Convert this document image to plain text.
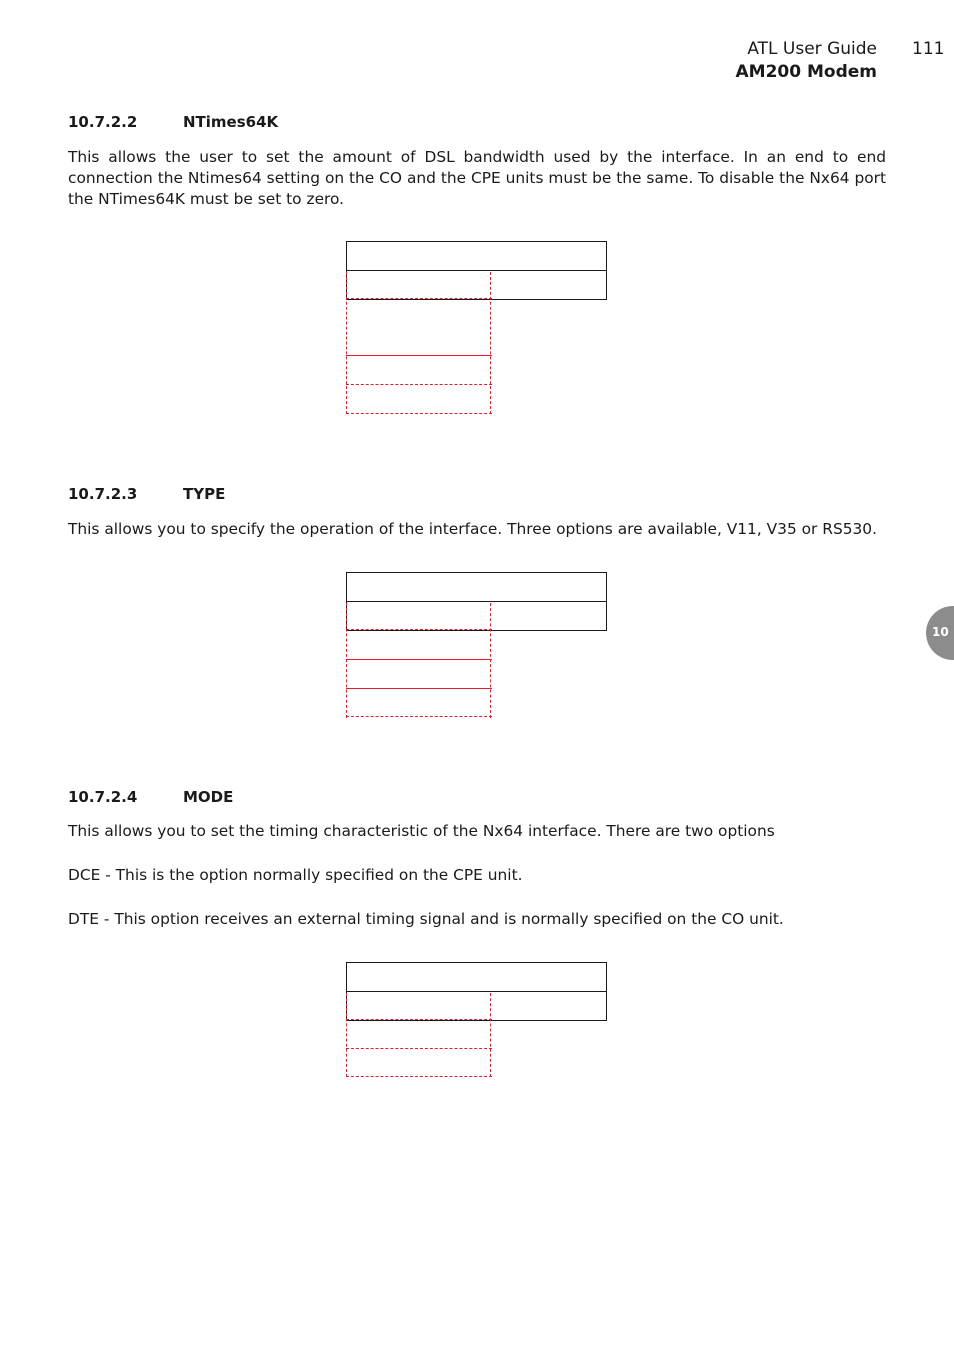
ATL User Guide
AM200 Modem
111
10
10.7.2.2	NTimes64K

This allows the user to set the amount of DSL bandwidth used by the interface. In an end to end connection the Ntimes64 setting on the CO and the CPE units must be the same. To disable the Nx64 port the NTimes64K must be set to zero.

10.7.2.3	TYPE

This allows you to specify the operation of the interface. Three options are available, V11, V35 or RS530.

10.7.2.4	MODE
This allows you to set the timing characteristic of the Nx64 interface. There are two options
DCE - This is the option normally specified on the CPE unit.
DTE - This option receives an external timing signal and is normally specified on the CO unit.
